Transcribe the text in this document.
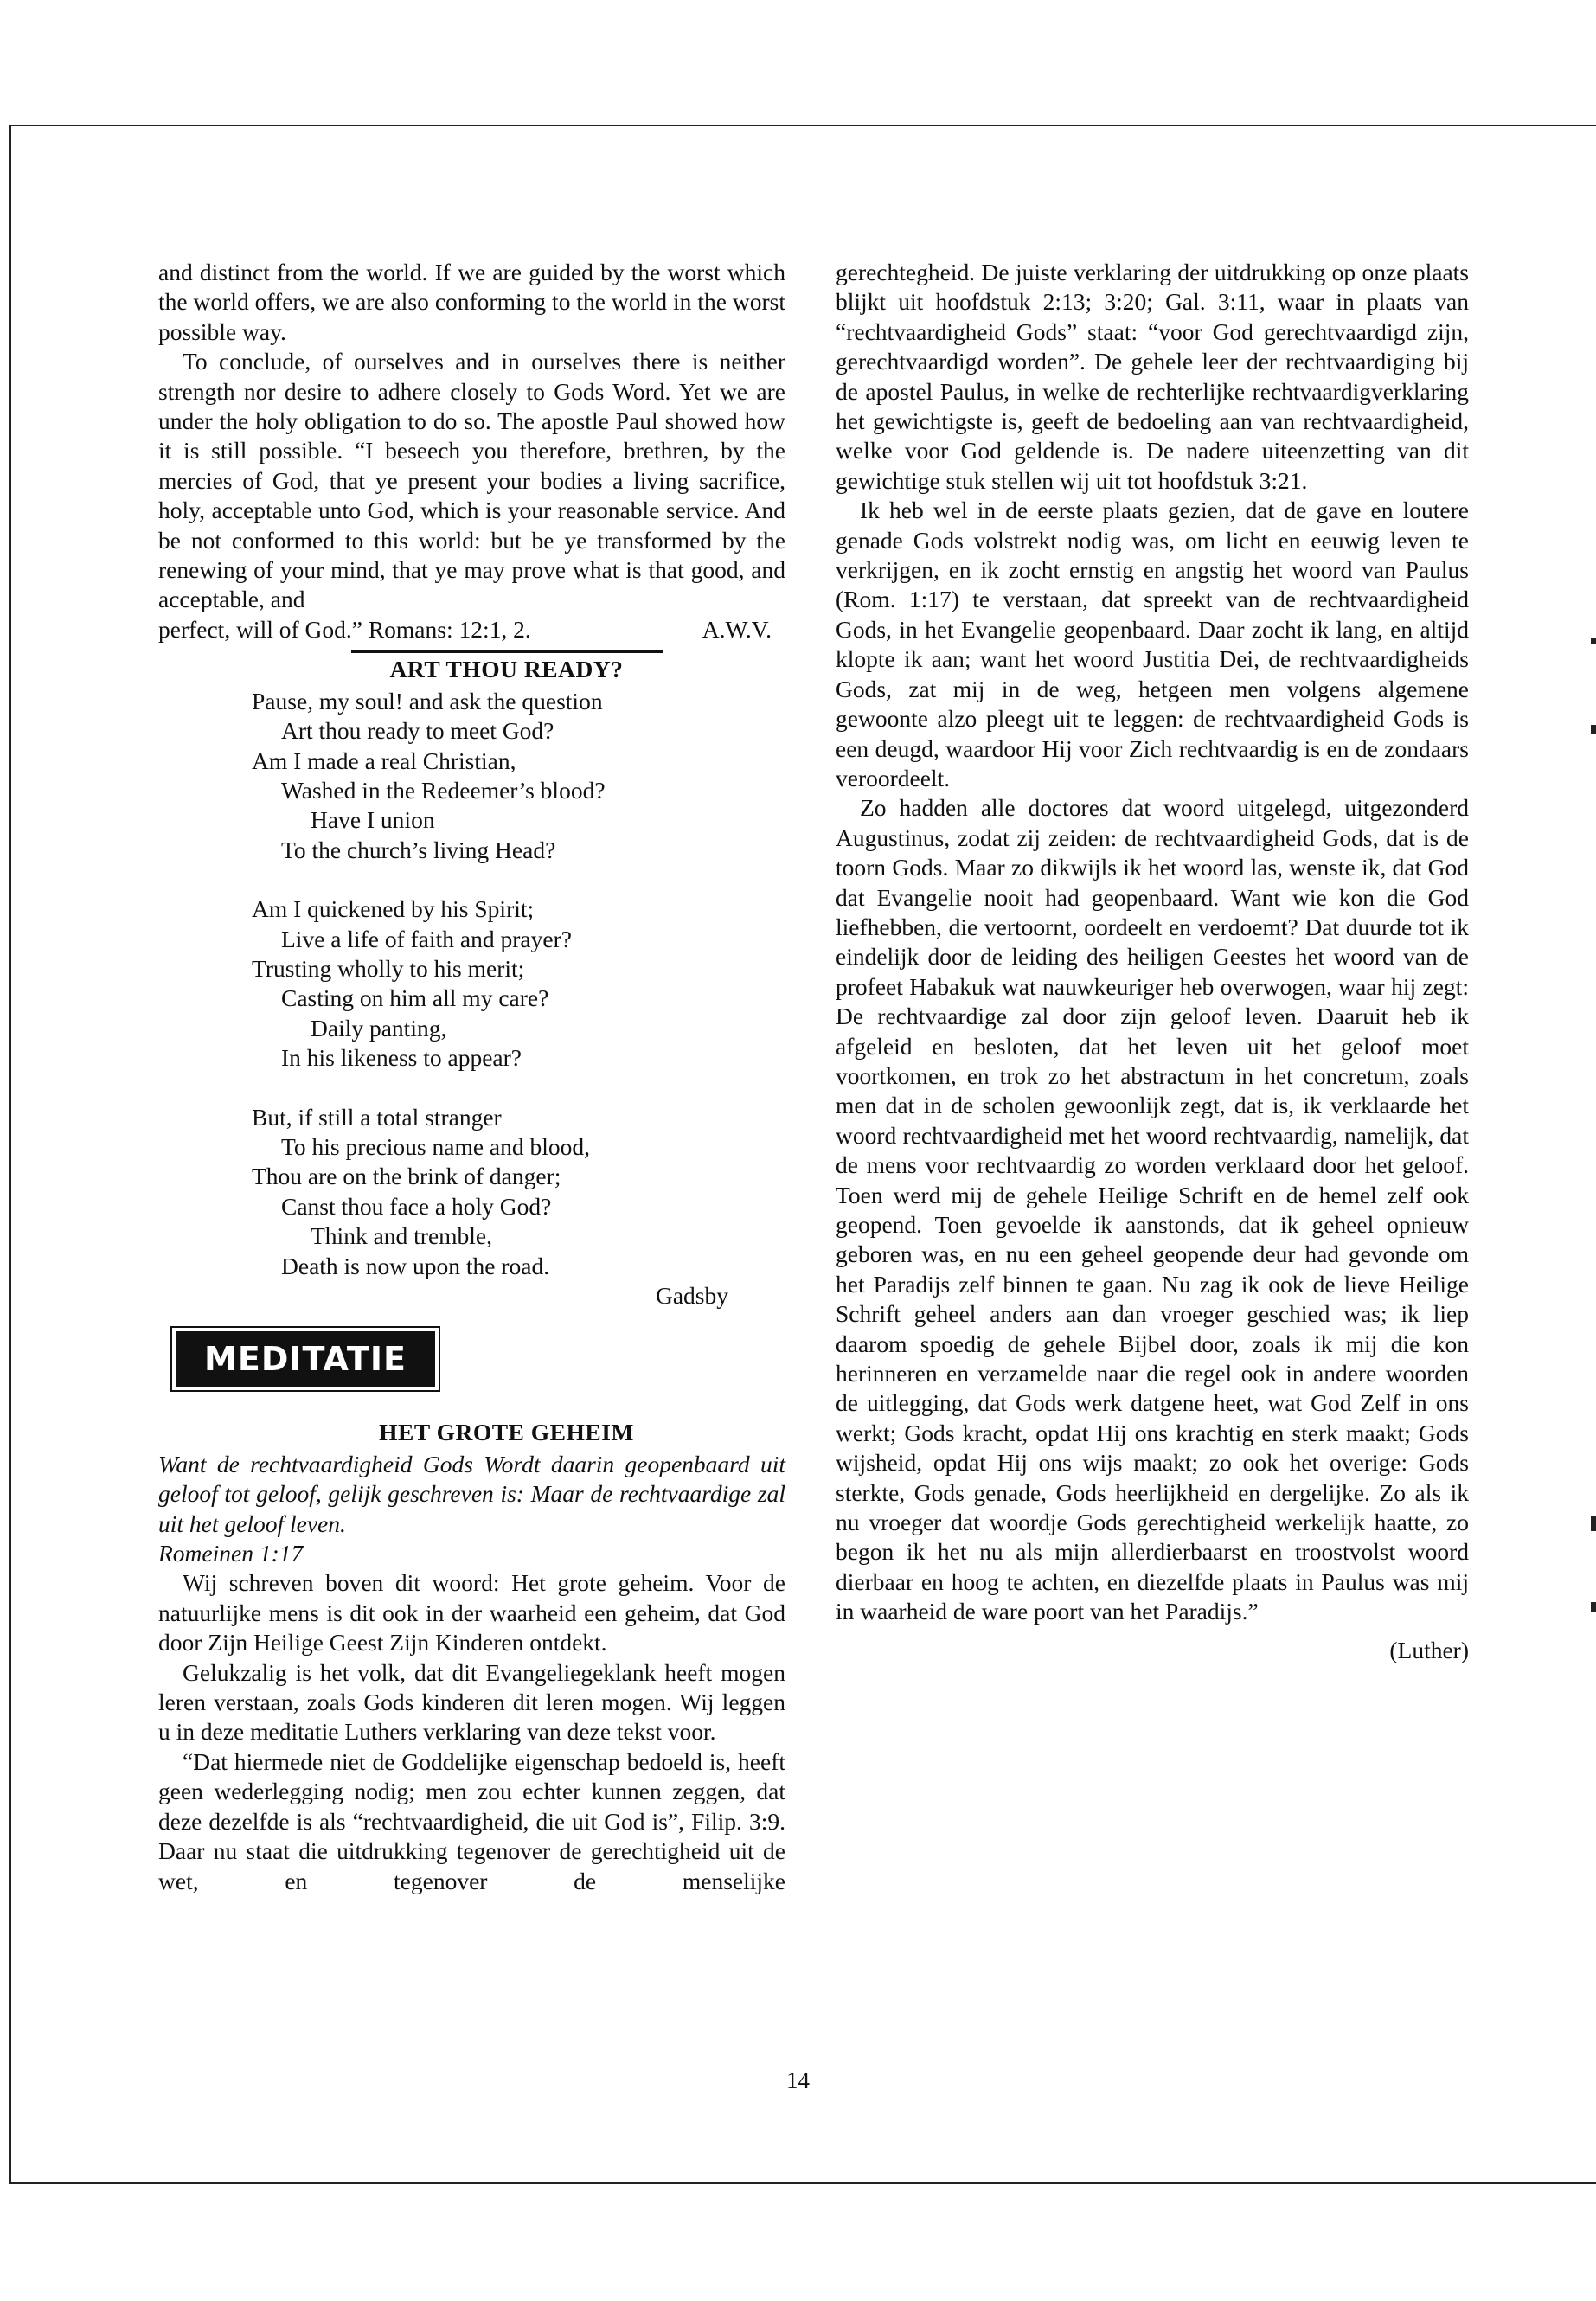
and distinct from the world. If we are guided by the worst which the world offers, we are also conforming to the world in the worst possible way.

To conclude, of ourselves and in ourselves there is neither strength nor desire to adhere closely to Gods Word. Yet we are under the holy obligation to do so. The apostle Paul showed how it is still possible. “I beseech you therefore, brethren, by the mercies of God, that ye present your bodies a living sacrifice, holy, acceptable unto God, which is your reasonable service. And be not conformed to this world: but be ye transformed by the renewing of your mind, that ye may prove what is that good, and acceptable, and

perfect, will of God.” Romans: 12:1, 2.	A.W.V.
ART THOU READY?
Pause, my soul! and ask the question
Art thou ready to meet God?
Am I made a real Christian,
Washed in the Redeemer’s blood?
Have I union
To the church’s living Head?
Am I quickened by his Spirit;
Live a life of faith and prayer?
Trusting wholly to his merit;
Casting on him all my care?
Daily panting,
In his likeness to appear?
But, if still a total stranger
To his precious name and blood,
Thou are on the brink of danger;
Canst thou face a holy God?
Think and tremble,
Death is now upon the road.
Gadsby
MEDITATIE
HET GROTE GEHEIM

Want de rechtvaardigheid Gods Wordt daarin geopenbaard uit geloof tot geloof, gelijk geschreven is: Maar de rechtvaardige zal uit het geloof leven.

Romeinen 1:17

Wij schreven boven dit woord: Het grote geheim. Voor de natuurlijke mens is dit ook in der waarheid een geheim, dat God door Zijn Heilige Geest Zijn Kinderen ontdekt.

Gelukzalig is het volk, dat dit Evangeliegeklank heeft mogen leren verstaan, zoals Gods kinderen dit leren mogen. Wij leggen u in deze meditatie Luthers verklaring van deze tekst voor.

“Dat hiermede niet de Goddelijke eigenschap bedoeld is, heeft geen wederlegging nodig; men zou echter kunnen zeggen, dat deze dezelfde is als “rechtvaardigheid, die uit God is”, Filip. 3:9. Daar nu staat die uitdrukking tegenover de gerechtigheid uit de wet, en tegenover de menselijke

gerechtegheid. De juiste verklaring der uitdrukking op onze plaats blijkt uit hoofdstuk 2:13; 3:20; Gal. 3:11, waar in plaats van “rechtvaardigheid Gods” staat: “voor God gerechtvaardigd zijn, gerechtvaardigd worden”. De gehele leer der rechtvaardiging bij de apostel Paulus, in welke de rechterlijke rechtvaardigverklaring het gewichtigste is, geeft de bedoeling aan van rechtvaardigheid, welke voor God geldende is. De nadere uiteenzetting van dit gewichtige stuk stellen wij uit tot hoofdstuk 3:21.

Ik heb wel in de eerste plaats gezien, dat de gave en loutere genade Gods volstrekt nodig was, om licht en eeuwig leven te verkrijgen, en ik zocht ernstig en angstig het woord van Paulus (Rom. 1:17) te verstaan, dat spreekt van de rechtvaardigheid Gods, in het Evangelie geopenbaard. Daar zocht ik lang, en altijd klopte ik aan; want het woord Justitia Dei, de rechtvaardigheids Gods, zat mij in de weg, hetgeen men volgens algemene gewoonte alzo pleegt uit te leggen: de rechtvaardigheid Gods is een deugd, waardoor Hij voor Zich rechtvaardig is en de zondaars veroordeelt.

Zo hadden alle doctores dat woord uitgelegd, uitgezonderd Augustinus, zodat zij zeiden: de rechtvaardigheid Gods, dat is de toorn Gods. Maar zo dikwijls ik het woord las, wenste ik, dat God dat Evangelie nooit had geopenbaard. Want wie kon die God liefhebben, die vertoornt, oordeelt en verdoemt? Dat duurde tot ik eindelijk door de leiding des heiligen Geestes het woord van de profeet Habakuk wat nauwkeuriger heb overwogen, waar hij zegt: De rechtvaardige zal door zijn geloof leven. Daaruit heb ik afgeleid en besloten, dat het leven uit het geloof moet voortkomen, en trok zo het abstractum in het concretum, zoals men dat in de scholen gewoonlijk zegt, dat is, ik verklaarde het woord rechtvaardigheid met het woord rechtvaardig, namelijk, dat de mens voor rechtvaardig zo worden verklaard door het geloof. Toen werd mij de gehele Heilige Schrift en de hemel zelf ook geopend. Toen gevoelde ik aanstonds, dat ik geheel opnieuw geboren was, en nu een geheel geopende deur had gevonde om het Paradijs zelf binnen te gaan. Nu zag ik ook de lieve Heilige Schrift geheel anders aan dan vroeger geschied was; ik liep daarom spoedig de gehele Bijbel door, zoals ik mij die kon herinneren en verzamelde naar die regel ook in andere woorden de uitlegging, dat Gods werk datgene heet, wat God Zelf in ons werkt; Gods kracht, opdat Hij ons krachtig en sterk maakt; Gods wijsheid, opdat Hij ons wijs maakt; zo ook het overige: Gods sterkte, Gods genade, Gods heerlijkheid en dergelijke. Zo als ik nu vroeger dat woordje Gods gerechtigheid werkelijk haatte, zo begon ik het nu als mijn allerdierbaarst en troostvolst woord dierbaar en hoog te achten, en diezelfde plaats in Paulus was mij in waarheid de ware poort van het Paradijs.”

(Luther)
14
